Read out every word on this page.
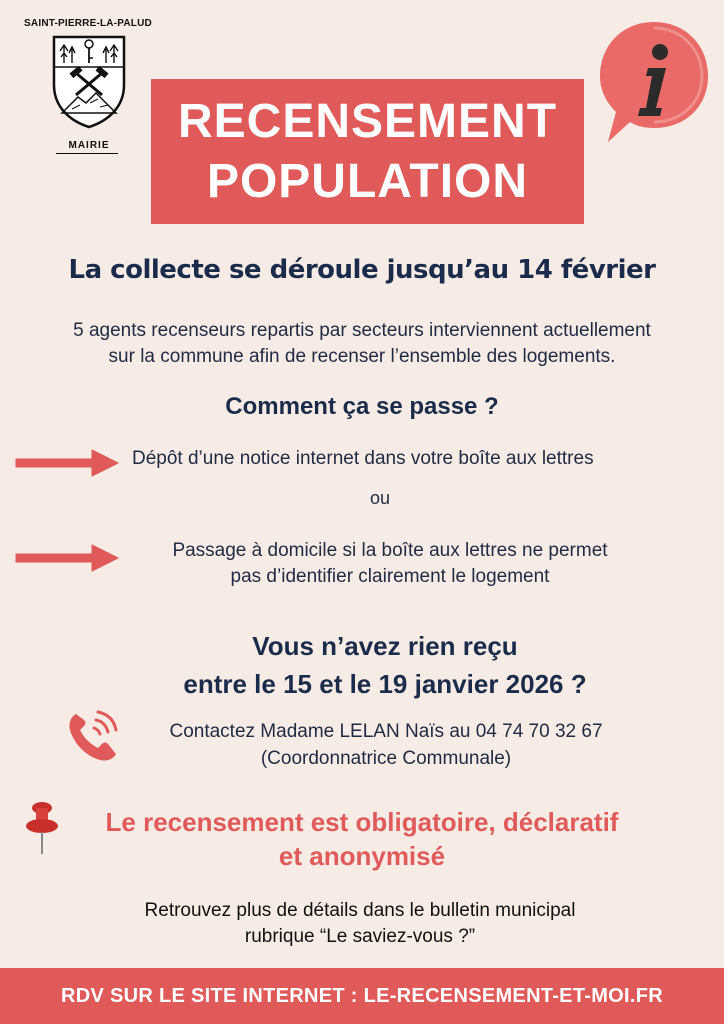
SAINT-PIERRE-LA-PALUD
MAIRIE	RECENSEMENT
POPULATION
La collecte se déroule jusqu’au 14 février
5 agents recenseurs repartis par secteurs interviennent actuellement
sur la commune afin de recenser l’ensemble des logements.
Comment ça se passe ?
Dépôt d’une notice internet dans votre boîte aux lettres
ou
Passage à domicile si la boîte aux lettres ne permet
pas d’identifier clairement le logement
Vous n’avez rien reçu
entre le 15 et le 19 janvier 2026 ?
Contactez Madame LELAN Naïs au 04 74 70 32 67
(Coordonnatrice Communale)
Le recensement est obligatoire, déclaratif
et anonymisé
Retrouvez plus de détails dans le bulletin municipal
rubrique “Le saviez-vous ?”
RDV SUR LE SITE INTERNET : LE-RECENSEMENT-ET-MOI.FR
